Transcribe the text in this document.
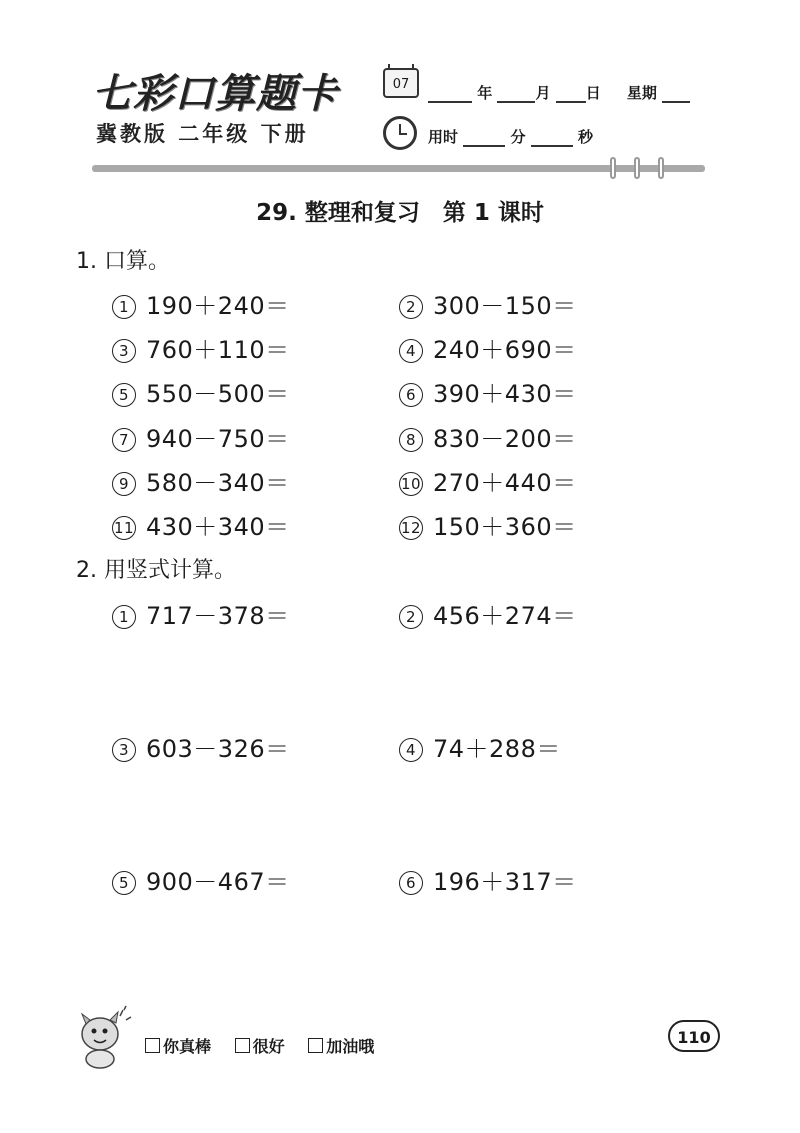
七彩口算题卡
冀教版 二年级 下册
07	年	月 日 星期
用时	分	秒
29. 整理和复习　第 1 课时
1. 口算。
1 190＋240＝	2 300－150＝
3 760＋110＝	4 240＋690＝
5 550－500＝	6 390＋430＝
7 940－750＝	8 830－200＝
9 580－340＝	10 270＋440＝
11 430＋340＝	12 150＋360＝
2. 用竖式计算。
1 717－378＝	2 456＋274＝
3 603－326＝	4 74＋288＝
5 900－467＝	6 196＋317＝
你真棒	很好	加油哦	110
